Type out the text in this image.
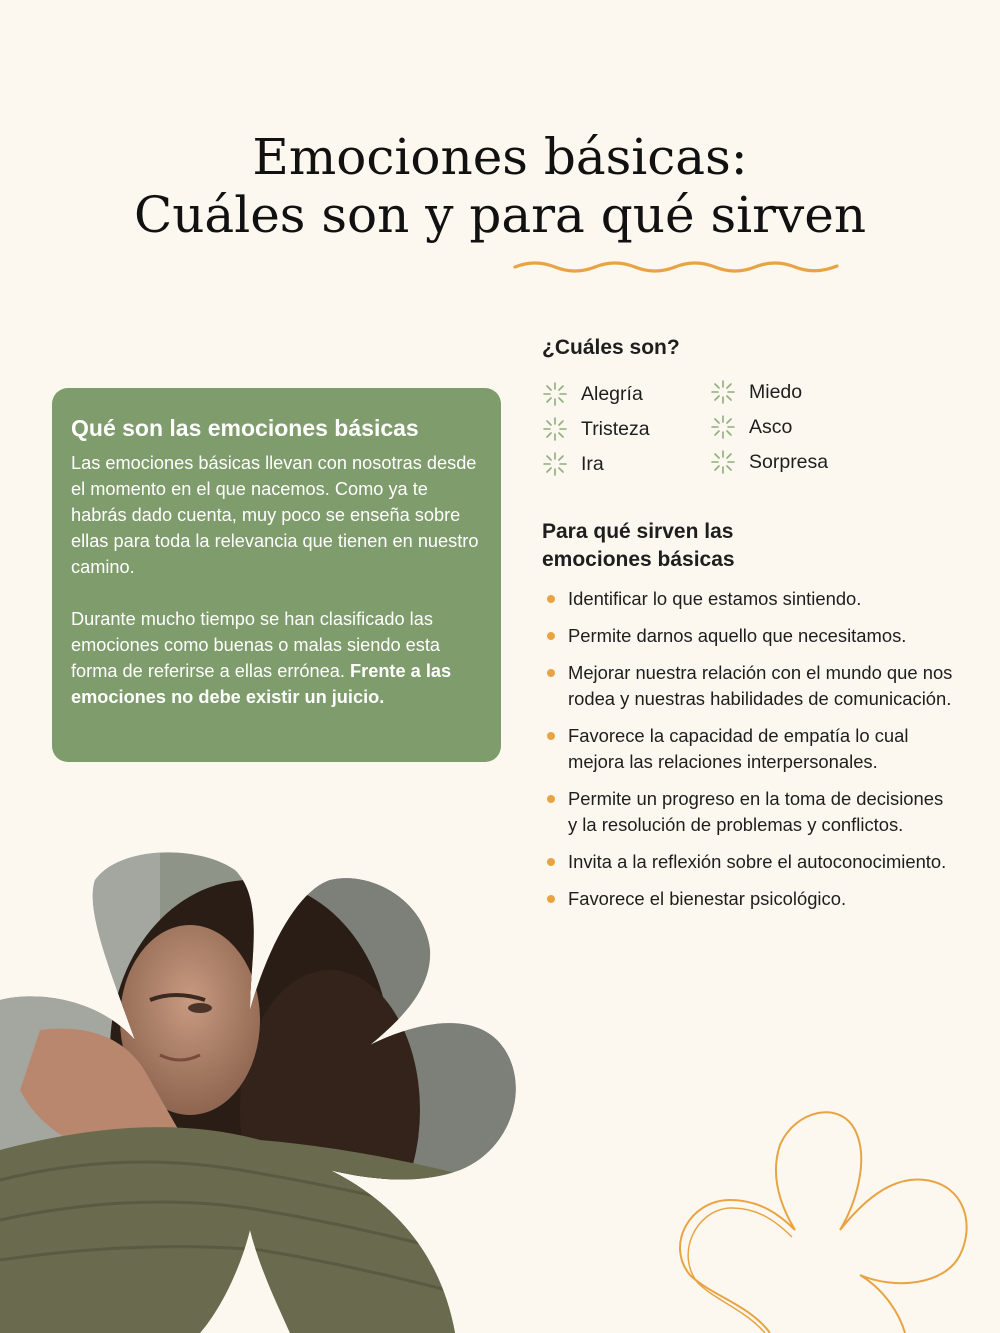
Emociones básicas:
Cuáles son y para qué sirven
Qué son las emociones básicas

Las emociones básicas llevan con nosotras desde el momento en el que nacemos. Como ya te habrás dado cuenta, muy poco se enseña sobre ellas para toda la relevancia que tienen en nuestro camino.

Durante mucho tiempo se han clasificado las emociones como buenas o malas siendo esta forma de referirse a ellas errónea. Frente a las emociones no debe existir un juicio.

¿Cuáles son?
Alegría
Tristeza
Ira
Miedo
Asco
Sorpresa
Para qué sirven las emociones básicas
Identificar lo que estamos sintiendo.
Permite darnos aquello que necesitamos.
Mejorar nuestra relación con el mundo que nos rodea y nuestras habilidades de comunicación.
Favorece la capacidad de empatía lo cual mejora las relaciones interpersonales.
Permite un progreso en la toma de decisiones y la resolución de problemas y conflictos.
Invita a la reflexión sobre el autoconocimiento.
Favorece el bienestar psicológico.
